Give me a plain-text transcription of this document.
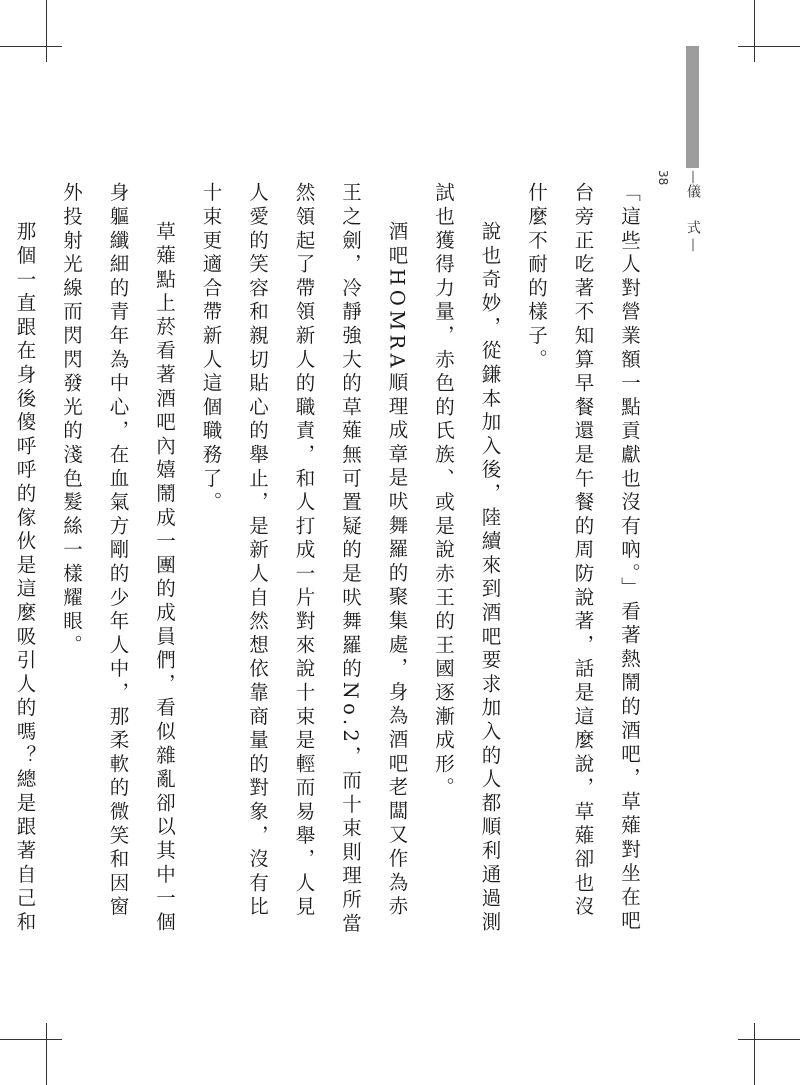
—儀　式—38

「這些人對營業額一點貢獻也沒有吶。」看著熱鬧的酒吧，草薙對坐在吧台旁正吃著不知算早餐還是午餐的周防說著，話是這麼說，草薙卻也沒什麼不耐的樣子。

說也奇妙，從鎌本加入後，陸續來到酒吧要求加入的人都順利通過測試也獲得力量，赤色的氏族、或是說赤王的王國逐漸成形。

酒吧HOMRA順理成章是吠舞羅的聚集處，身為酒吧老闆又作為赤王之劍，冷靜強大的草薙無可置疑的是吠舞羅的No.2，而十束則理所當然領起了帶領新人的職責，和人打成一片對來說十束是輕而易舉，人見人愛的笑容和親切貼心的舉止，是新人自然想依靠商量的對象，沒有比十束更適合帶新人這個職務了。

草薙點上菸看著酒吧內嬉鬧成一團的成員們，看似雜亂卻以其中一個身軀纖細的青年為中心，在血氣方剛的少年人中，那柔軟的微笑和因窗外投射光線而閃閃發光的淺色髮絲一樣耀眼。

那個一直跟在身後傻呼呼的傢伙是這麼吸引人的嗎？總是跟著自己和
